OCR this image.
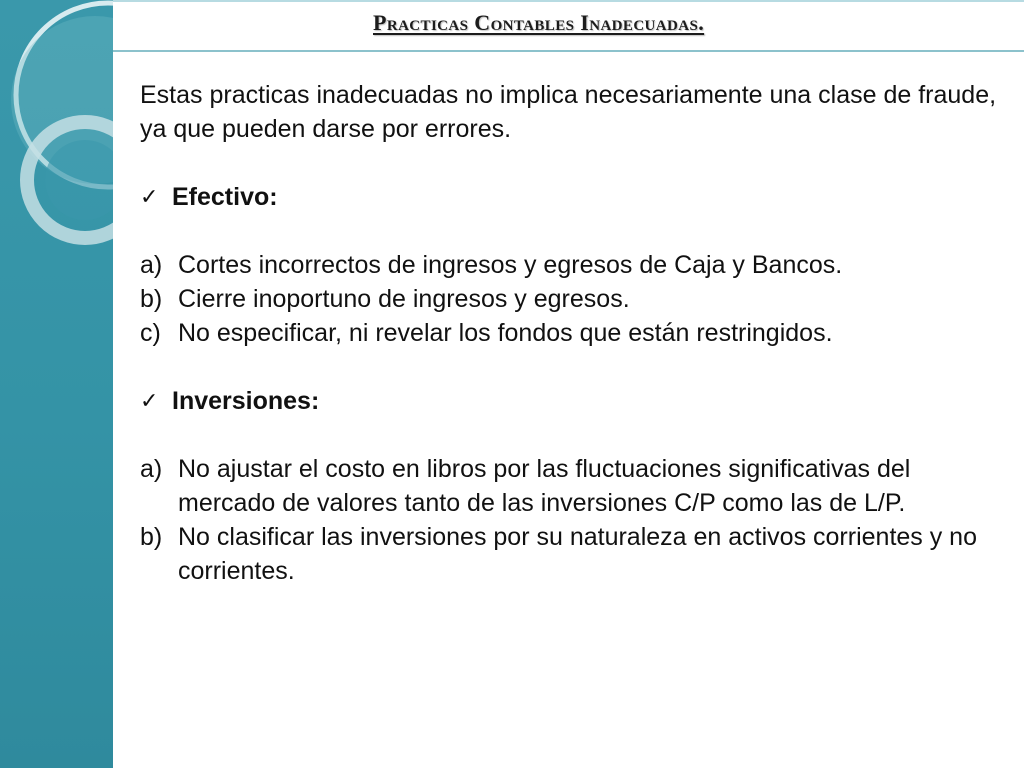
Practicas Contables Inadecuadas.

Estas practicas inadecuadas no implica necesariamente una clase de fraude, ya que pueden darse por errores.

✓ Efectivo:
a) Cortes incorrectos de ingresos y egresos de Caja y Bancos.
b) Cierre inoportuno de ingresos y egresos.
c) No especificar, ni revelar los fondos que están restringidos.
✓ Inversiones:
a) No ajustar el costo en libros por las fluctuaciones significativas del mercado de valores tanto de las inversiones C/P como las de L/P.
b) No clasificar las inversiones por su naturaleza en activos corrientes y no corrientes.
